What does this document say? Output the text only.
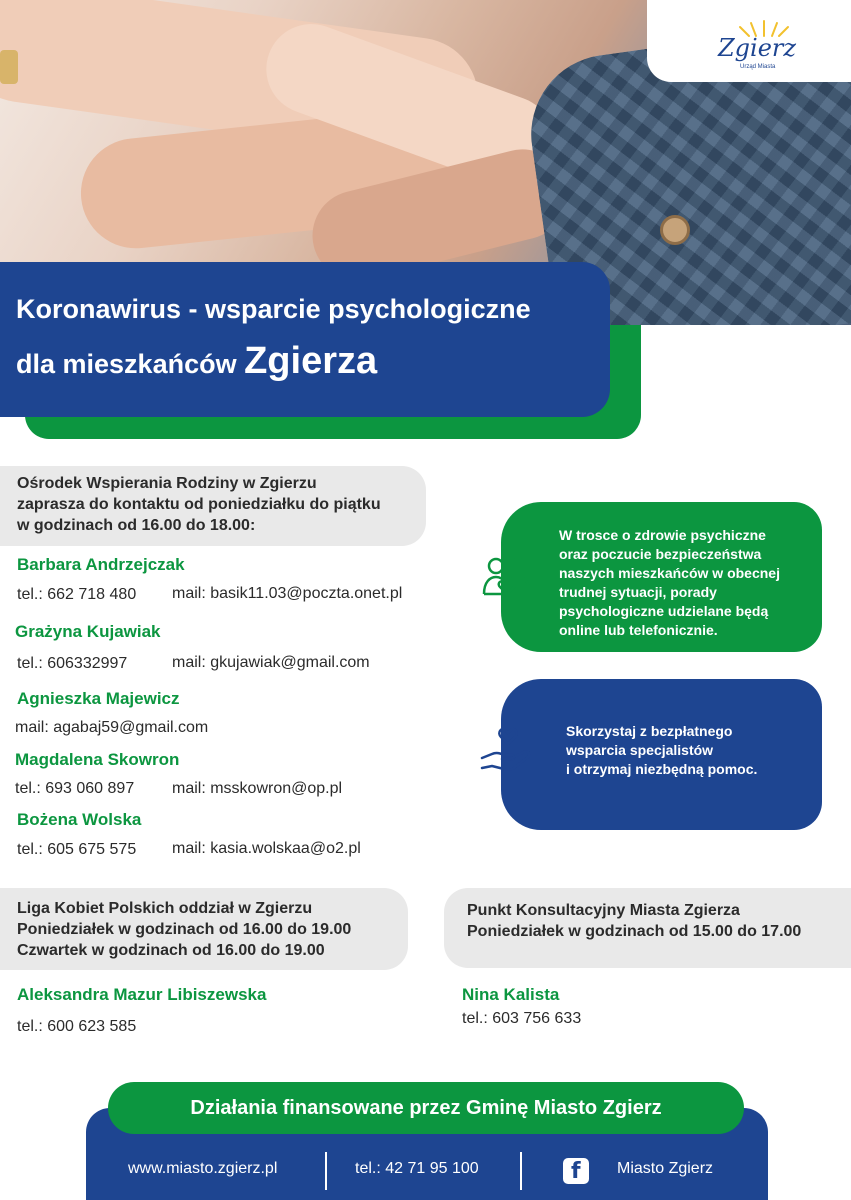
Zgierz
Urząd Miasta
Koronawirus - wsparcie psychologiczne
dla mieszkańców Zgierza
Ośrodek Wspierania Rodziny w Zgierzu
zaprasza do kontaktu od poniedziałku do piątku
w godzinach od 16.00 do 18.00:
Barbara Andrzejczak
tel.: 662 718 480 mail: basik11.03@poczta.onet.pl
Grażyna Kujawiak
tel.: 606332997	mail: gkujawiak@gmail.com
Agnieszka Majewicz
mail: agabaj59@gmail.com
Magdalena Skowron
tel.: 693 060 897 mail: msskowron@op.pl
Bożena Wolska
tel.: 605 675 575 mail: kasia.wolskaa@o2.pl
W trosce o zdrowie psychiczne
oraz poczucie bezpieczeństwa
naszych mieszkańców w obecnej
trudnej sytuacji, porady
psychologiczne udzielane będą
online lub telefonicznie.
Skorzystaj z bezpłatnego
wsparcia specjalistów
i otrzymaj niezbędną pomoc.
Liga Kobiet Polskich oddział w Zgierzu
Poniedziałek w godzinach od 16.00 do 19.00
Czwartek w godzinach od 16.00 do 19.00
Aleksandra Mazur Libiszewska
tel.: 600 623 585
Punkt Konsultacyjny Miasta Zgierza
Poniedziałek w godzinach od 15.00 do 17.00
Nina Kalista
tel.: 603 756 633
Działania finansowane przez Gminę Miasto Zgierz
www.miasto.zgierz.pl	tel.: 42 71 95 100	f Miasto Zgierz
